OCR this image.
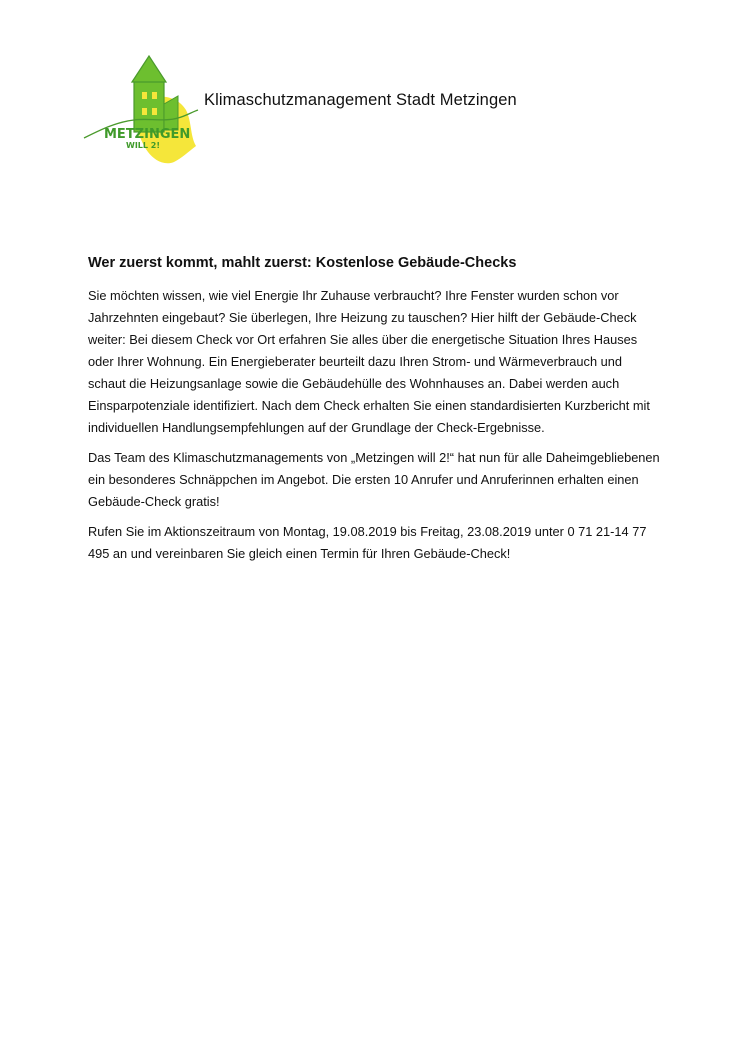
METZINGEN
WILL 2!
Klimaschutzmanagement Stadt Metzingen
Wer zuerst kommt, mahlt zuerst: Kostenlose Gebäude-Checks

Sie möchten wissen, wie viel Energie Ihr Zuhause verbraucht? Ihre Fenster wurden schon vor Jahrzehnten eingebaut? Sie überlegen, Ihre Heizung zu tauschen? Hier hilft der Gebäude-Check weiter: Bei diesem Check vor Ort erfahren Sie alles über die energetische Situation Ihres Hauses oder Ihrer Wohnung. Ein Energieberater beurteilt dazu Ihren Strom- und Wärmeverbrauch und schaut die Heizungsanlage sowie die Gebäudehülle des Wohnhauses an. Dabei werden auch Einsparpotenziale identifiziert. Nach dem Check erhalten Sie einen standardisierten Kurzbericht mit individuellen Handlungsempfehlungen auf der Grundlage der Check-Ergebnisse.

Das Team des Klimaschutzmanagements von „Metzingen will 2!“ hat nun für alle Daheimgebliebenen ein besonderes Schnäppchen im Angebot. Die ersten 10 Anrufer und Anruferinnen erhalten einen Gebäude-Check gratis!

Rufen Sie im Aktionszeitraum von Montag, 19.08.2019 bis Freitag, 23.08.2019 unter 0 71 21-14 77 495 an und vereinbaren Sie gleich einen Termin für Ihren Gebäude-Check!
